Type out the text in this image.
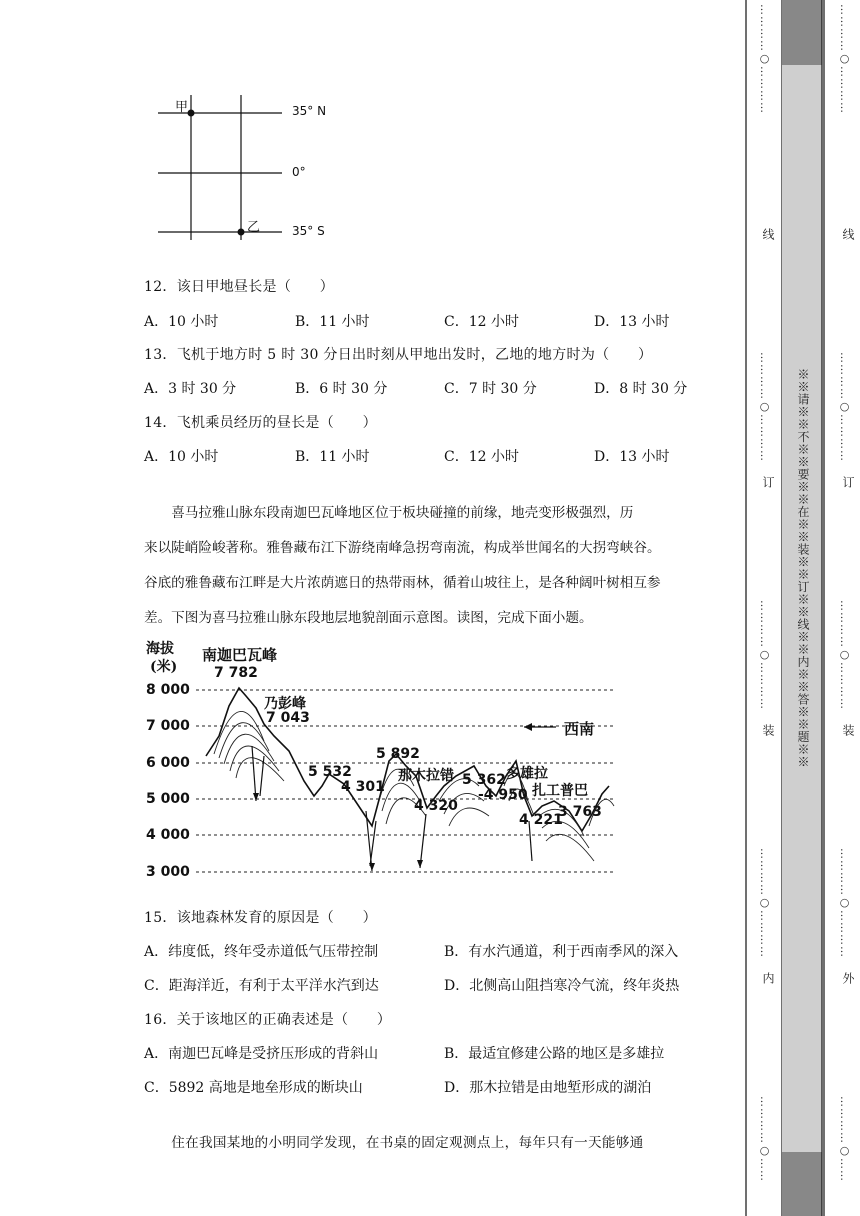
甲
乙
35° N
0°
35° S
12．该日甲地昼长是（　　）
A．10 小时	B．11 小时	C．12 小时	D．13 小时
13．飞机于地方时 5 时 30 分日出时刻从甲地出发时，乙地的地方时为（　　）
A．3 时 30 分	B．6 时 30 分	C．7 时 30 分	D．8 时 30 分
14．飞机乘员经历的昼长是（　　）
A．10 小时	B．11 小时	C．12 小时	D．13 小时
喜马拉雅山脉东段南迦巴瓦峰地区位于板块碰撞的前缘，地壳变形极强烈，历
来以陡峭险峻著称。雅鲁藏布江下游绕南峰急拐弯南流，构成举世闻名的大拐弯峡谷。
谷底的雅鲁藏布江畔是大片浓荫遮日的热带雨林，循着山坡往上，是各种阔叶树相互参
差。下图为喜马拉雅山脉东段地层地貌剖面示意图。读图，完成下面小题。
海拔
(米)
8 000
7 000
6 000
5 000
4 000
3 000
南迦巴瓦峰
7 782
乃彭峰
7 043
5 892
5 532
4 301
那木拉错
4 320
5 362 多雄拉
-4 950 扎工普巴
4 221
3 763
西南
15．该地森林发育的原因是（　　）
A．纬度低，终年受赤道低气压带控制	B．有水汽通道，利于西南季风的深入
C．距海洋近，有利于太平洋水汽到达	D．北侧高山阻挡寒冷气流，终年炎热
16．关于该地区的正确表述是（　　）
A．南迦巴瓦峰是受挤压形成的背斜山	B．最适宜修建公路的地区是多雄拉
C．5892 高地是地垒形成的断块山	D．那木拉错是由地堑形成的湖泊
住在我国某地的小明同学发现，在书桌的固定观测点上，每年只有一天能够通
…………○…………
…………○…………
…………○…………
…………○…………
…………○……
线
订
装
内
※※请※※不※※要※※在※※装※※订※※线※※内※※答※※题※※
…………○…………
…………○…………
…………○…………
…………○…………
…………○……
线
订
装
外
